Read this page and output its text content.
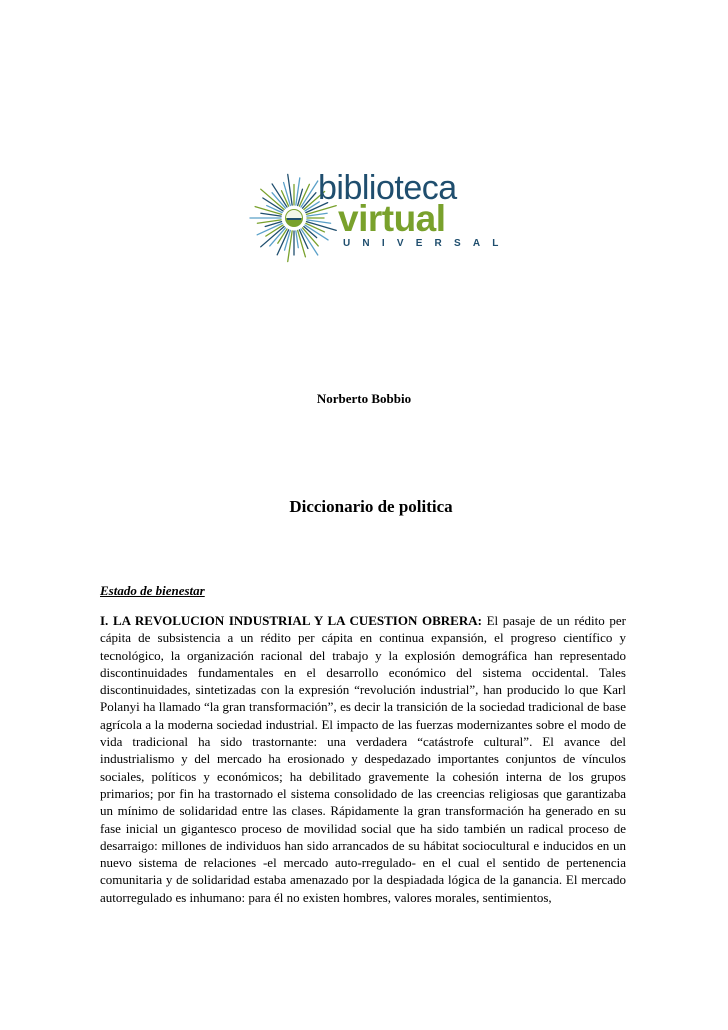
biblioteca
virtual
UNIVERSAL
Norberto Bobbio
Diccionario de politica
Estado de bienestar

I. LA REVOLUCION INDUSTRIAL Y LA CUESTION OBRERA: El pasaje de un rédito per cápita de subsistencia a un rédito per cápita en continua expansión, el progreso científico y tecnológico, la organización racional del trabajo y la explosión demográfica han representado discontinuidades fundamentales en el desarrollo económico del sistema occidental. Tales discontinuidades, sintetizadas con la expresión “revolución industrial”, han producido lo que Karl Polanyi ha llamado “la gran transformación”, es decir la transición de la sociedad tradicional de base agrícola a la moderna sociedad industrial. El impacto de las fuerzas modernizantes sobre el modo de vida tradicional ha sido trastornante: una verdadera “catástrofe cultural”. El avance del industrialismo y del mercado ha erosionado y despedazado importantes conjuntos de vínculos sociales, políticos y económicos; ha debilitado gravemente la cohesión interna de los grupos primarios; por fin ha trastornado el sistema consolidado de las creencias religiosas que garantizaba un mínimo de solidaridad entre las clases. Rápidamente la gran transformación ha generado en su fase inicial un gigantesco proceso de movilidad social que ha sido también un radical proceso de desarraigo: millones de individuos han sido arrancados de su hábitat sociocultural e inducidos en un nuevo sistema de relaciones -el mercado auto-rregulado- en el cual el sentido de pertenencia comunitaria y de solidaridad estaba amenazado por la despiadada lógica de la ganancia. El mercado autorregulado es inhumano: para él no existen hombres, valores morales, sentimientos,
